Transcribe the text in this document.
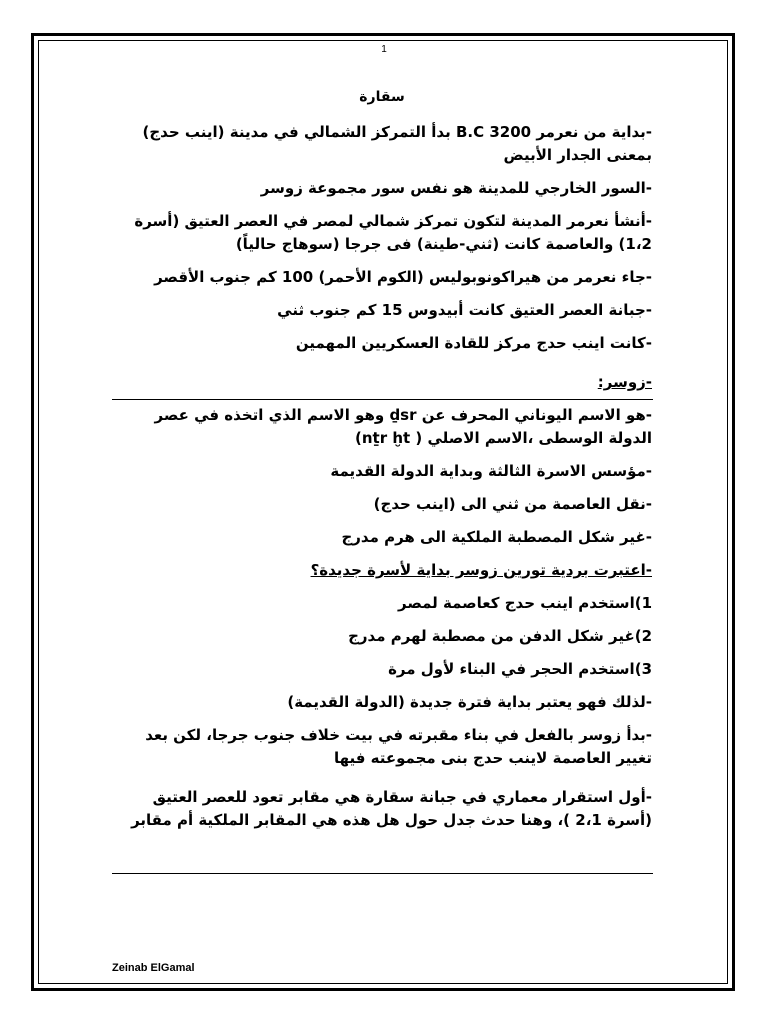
1
سقارة
-بداية من نعرمر B.C 3200 بدأ التمركز الشمالي في مدينة (اينب حدج) بمعنى الجدار الأبيض
-السور الخارجي للمدينة هو نفس سور مجموعة زوسر
-أنشأ نعرمر المدينة لتكون تمركز شمالي لمصر في العصر العتيق (أسرة 1،2) والعاصمة كانت (ثني-طينة) فى جرجا (سوهاج حالياً)
-جاء نعرمر من هيراكونوبوليس (الكوم الأحمر) 100 كم جنوب الأقصر
-جبانة العصر العتيق كانت أبيدوس 15 كم جنوب ثني
-كانت اينب حدج مركز للقادة العسكريين المهمين
-زوسر:
-هو الاسم اليوناني المحرف عن ḏsr وهو الاسم الذي اتخذه في عصر الدولة الوسطى ،الاسم الاصلي ( nṯr ḫt)
-مؤسس الاسرة الثالثة وبداية الدولة القديمة
-نقل العاصمة من ثني الى (اينب حدج)
-غير شكل المصطبة الملكية الى هرم مدرج
-اعتبرت بردية تورين زوسر بداية لأسرة جديدة؟
1)استخدم اينب حدج كعاصمة لمصر
2)غير شكل الدفن من مصطبة لهرم مدرج
3)استخدم الحجر في البناء لأول مرة
-لذلك فهو يعتبر بداية فترة جديدة (الدولة القديمة)
-بدأ زوسر بالفعل في بناء مقبرته في بيت خلاف جنوب جرجا، لكن بعد تغيير العاصمة لاينب حدج بنى مجموعته فيها
-أول استقرار معماري في جبانة سقارة هي مقابر تعود للعصر العتيق (أسرة 2،1 )، وهنا حدث جدل حول هل هذه هي المقابر الملكية أم مقابر
Zeinab ElGamal
